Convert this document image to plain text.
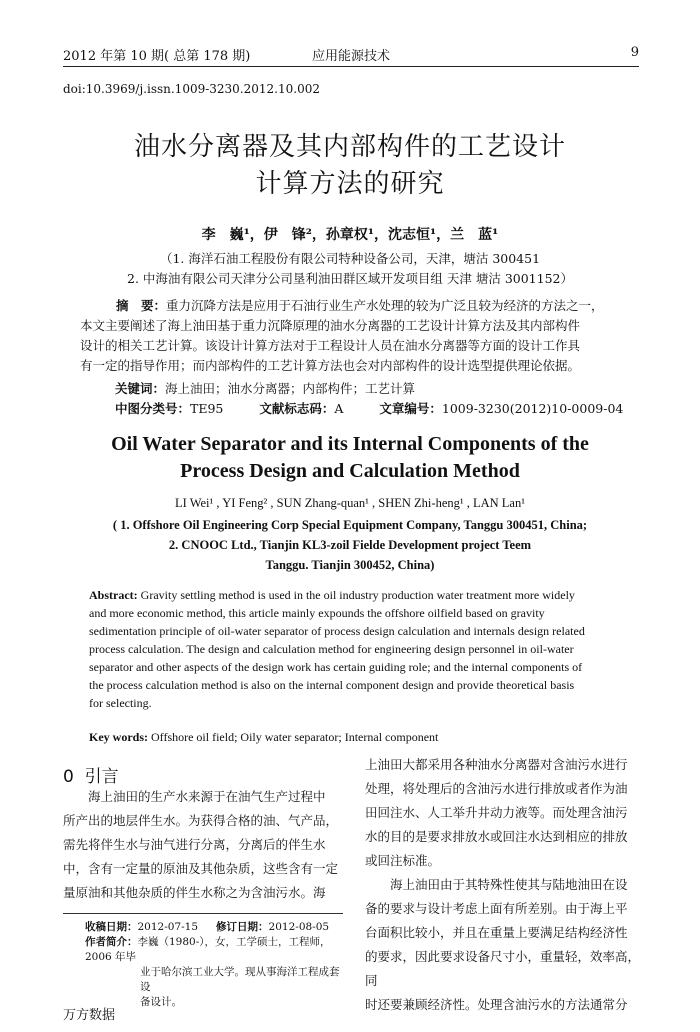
2012 年第 10 期( 总第 178 期)	应用能源技术	9
doi:10.3969/j.issn.1009-3230.2012.10.002
油水分离器及其内部构件的工艺设计
计算方法的研究
李　巍¹，伊　锋²，孙章权¹，沈志恒¹，兰　蓝¹
（1. 海洋石油工程股份有限公司特种设备公司，天津，塘沽 300451
2. 中海油有限公司天津分公司垦利油田群区域开发项目组 天津 塘沽 3001152）
摘　要：重力沉降方法是应用于石油行业生产水处理的较为广泛且较为经济的方法之一，
本文主要阐述了海上油田基于重力沉降原理的油水分离器的工艺设计计算方法及其内部构件
设计的相关工艺计算。该设计计算方法对于工程设计人员在油水分离器等方面的设计工作具
有一定的指导作用；而内部构件的工艺计算方法也会对内部构件的设计选型提供理论依据。
关键词：海上油田；油水分离器；内部构件；工艺计算
中图分类号：TE95	文献标志码：A	文章编号：1009-3230(2012)10-0009-04
Oil Water Separator and its Internal Components of the
Process Design and Calculation Method
LI Wei¹ , YI Feng² , SUN Zhang-quan¹ , SHEN Zhi-heng¹ , LAN Lan¹
( 1. Offshore Oil Engineering Corp Special Equipment Company, Tanggu 300451, China;
2. CNOOC Ltd., Tianjin KL3-zoil Fielde Development project Teem
Tanggu. Tianjin 300452, China)
Abstract: Gravity settling method is used in the oil industry production water treatment more widely
and more economic method, this article mainly expounds the offshore oilfield based on gravity
sedimentation principle of oil-water separator of process design calculation and internals design related
process calculation. The design and calculation method for engineering design personnel in oil-water
separator and other aspects of the design work has certain guiding role; and the internal components of
the process calculation method is also on the internal component design and provide theoretical basis
for selecting.
Key words: Offshore oil field; Oily water separator; Internal component
0 引言
海上油田的生产水来源于在油气生产过程中
所产出的地层伴生水。为获得合格的油、气产品，
需先将伴生水与油气进行分离，分离后的伴生水
中，含有一定量的原油及其他杂质，这些含有一定
量原油和其他杂质的伴生水称之为含油污水。海
收稿日期：2012-07-15 修订日期：2012-08-05
作者简介：李巍（1980-），女，工学硕士，工程师，2006 年毕
业于哈尔滨工业大学。现从事海洋工程成套设
备设计。
上油田大都采用各种油水分离器对含油污水进行
处理，将处理后的含油污水进行排放或者作为油
田回注水、人工举升井动力液等。而处理含油污
水的目的是要求排放水或回注水达到相应的排放
或回注标准。
海上油田由于其特殊性使其与陆地油田在设
备的要求与设计考虑上面有所差别。由于海上平
台面积比较小，并且在重量上要满足结构经济性
的要求，因此要求设备尺寸小，重量轻，效率高，同
时还要兼顾经济性。处理含油污水的方法通常分
万方数据
